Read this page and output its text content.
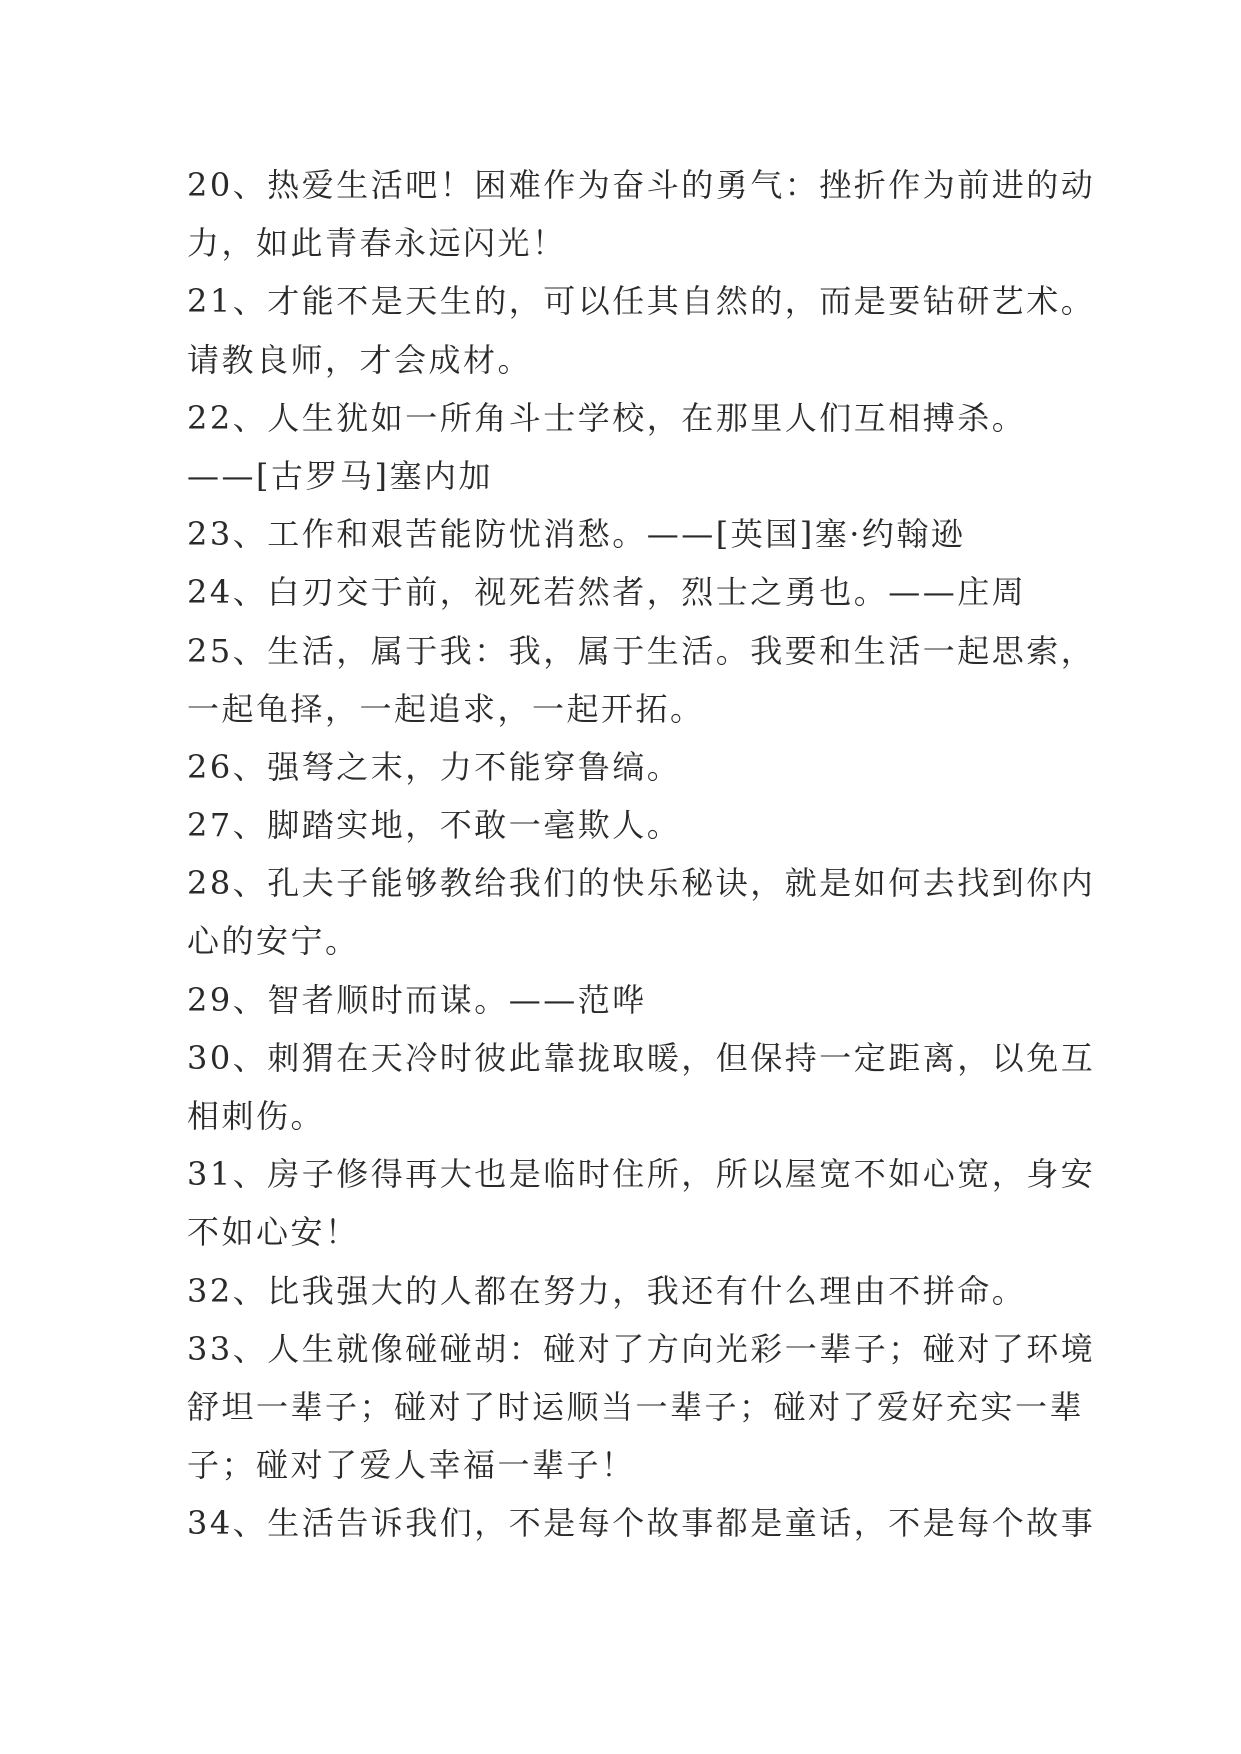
20、热爱生活吧！困难作为奋斗的勇气：挫折作为前进的动
力，如此青春永远闪光！
21、才能不是天生的，可以任其自然的，而是要钻研艺术。
请教良师，才会成材。
22、人生犹如一所角斗士学校，在那里人们互相搏杀。
——[古罗马]塞内加
23、工作和艰苦能防忧消愁。——[英国]塞·约翰逊
24、白刃交于前，视死若然者，烈士之勇也。——庄周
25、生活，属于我：我，属于生活。我要和生活一起思索，
一起龟择，一起追求，一起开拓。
26、强弩之末，力不能穿鲁缟。
27、脚踏实地，不敢一毫欺人。
28、孔夫子能够教给我们的快乐秘诀，就是如何去找到你内
心的安宁。
29、智者顺时而谋。——范哗
30、刺猬在天冷时彼此靠拢取暖，但保持一定距离，以免互
相刺伤。
31、房子修得再大也是临时住所，所以屋宽不如心宽，身安
不如心安！
32、比我强大的人都在努力，我还有什么理由不拼命。
33、人生就像碰碰胡：碰对了方向光彩一辈子；碰对了环境
舒坦一辈子；碰对了时运顺当一辈子；碰对了爱好充实一辈
子；碰对了爱人幸福一辈子！
34、生活告诉我们，不是每个故事都是童话，不是每个故事
